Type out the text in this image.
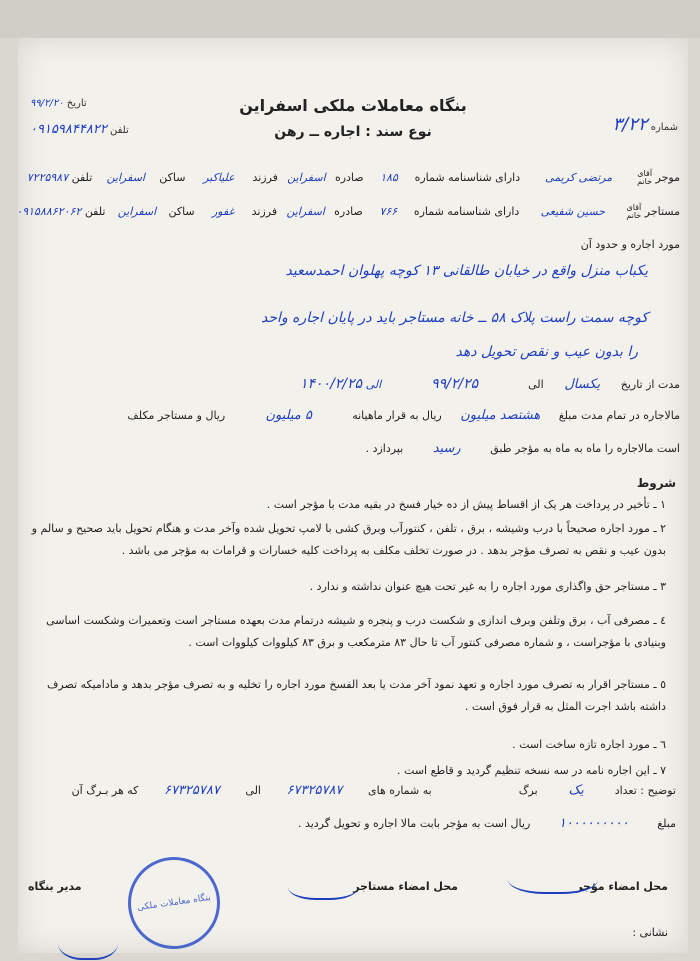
بنگاه معاملات ملکی اسفراین
نوع سند : اجاره ــ رهن
تاریخ ۹۹/۲/۲۰
تلفن ۰۹۱۵۹۸۴۴۸۲۲	شماره ۳/۲۲
موجر آقای
خانم مرتضی کریمی دارای شناسنامه شماره ۱۸۵ صادره اسفراین فرزند علیاکبر ساکن اسفراین تلفن ۷۲۲۵۹۸۷
مستاجر آقای
خانم حسین شفیعی دارای شناسنامه شماره ۷۶۶ صادره اسفراین فرزند غفور ساکن اسفراین تلفن ۰۹۱۵۸۸۶۲۰۶۲
مورد اجاره و حدود آن
یکباب منزل واقع در خیابان طالقانی ۱۳ کوچه پهلوان احمدسعید
کوچه سمت راست پلاک ۵۸ ــ خانه مستاجر باید در پایان اجاره واحد
را بدون عیب و نقص تحویل دهد
مدت از تاریخ یکسال الی ۹۹/۲/۲۵ الی ۱۴۰۰/۲/۲۵
مالاجاره در تمام مدت مبلغ هشتصد میلیون ریال به قرار ماهیانه ۵ میلیون ریال و مستاجر مکلف
است مالاجاره را ماه به ماه به مؤجر طبق رسید بپردازد .
شروط
۱ ـ تأخیر در پرداخت هر یک از اقساط پیش از ده خیار فسخ در بقیه مدت با مؤجر است .
۲ ـ مورد اجاره صحیحاً با درب وشیشه ، برق ، تلفن ، کنتورآب وبرق کشی با لامپ تحویل شده وآخر مدت و هنگام تحویل باید صحیح و سالم و بدون عیب و نقص به تصرف مؤجر بدهد . در صورت تخلف مکلف به پرداخت کلیه خسارات و قرامات به مؤجر می باشد .
۳ ـ مستاجر حق واگذاری مورد اجاره را به غیر تحت هیچ عنوان نداشته و ندارد .
٤ ـ مصرفی آب ، برق وتلفن وبرف اندازی و شکست درب و پنجره و شیشه درتمام مدت بعهده مستاجر است وتعمیرات وشکست اساسی وبنیادی با مؤجراست ، و شماره مصرفی کنتور آب تا حال ۸۳ مترمکعب و برق ۸۳ کیلووات کیلووات است .
٥ ـ مستاجر اقرار به تصرف مورد اجاره و تعهد نمود آخر مدت یا بعد الفسخ مورد اجاره را تخلیه و به تصرف مؤجر بدهد و مادامیکه تصرف داشته باشد اجرت المثل به قرار فوق است .
٦ ـ مورد اجاره تازه ساخت است .
۷ ـ این اجاره نامه در سه نسخه تنظیم گردید و قاطع است .
توضیح : تعداد یک برگ  به شماره های ۶۷۳۲۵۷۸۷ الی ۶۷۳۲۵۷۸۷ که هر بـرگ آن
مبلغ ۱۰۰۰۰۰۰۰۰۰ ریال است به مؤجر بابت مالا اجاره و تحویل گردید .
محل امضاء مؤجر
محل امضاء مستاجر
مدیر بنگاه
نشانی :
بنگاه معاملات ملکی
